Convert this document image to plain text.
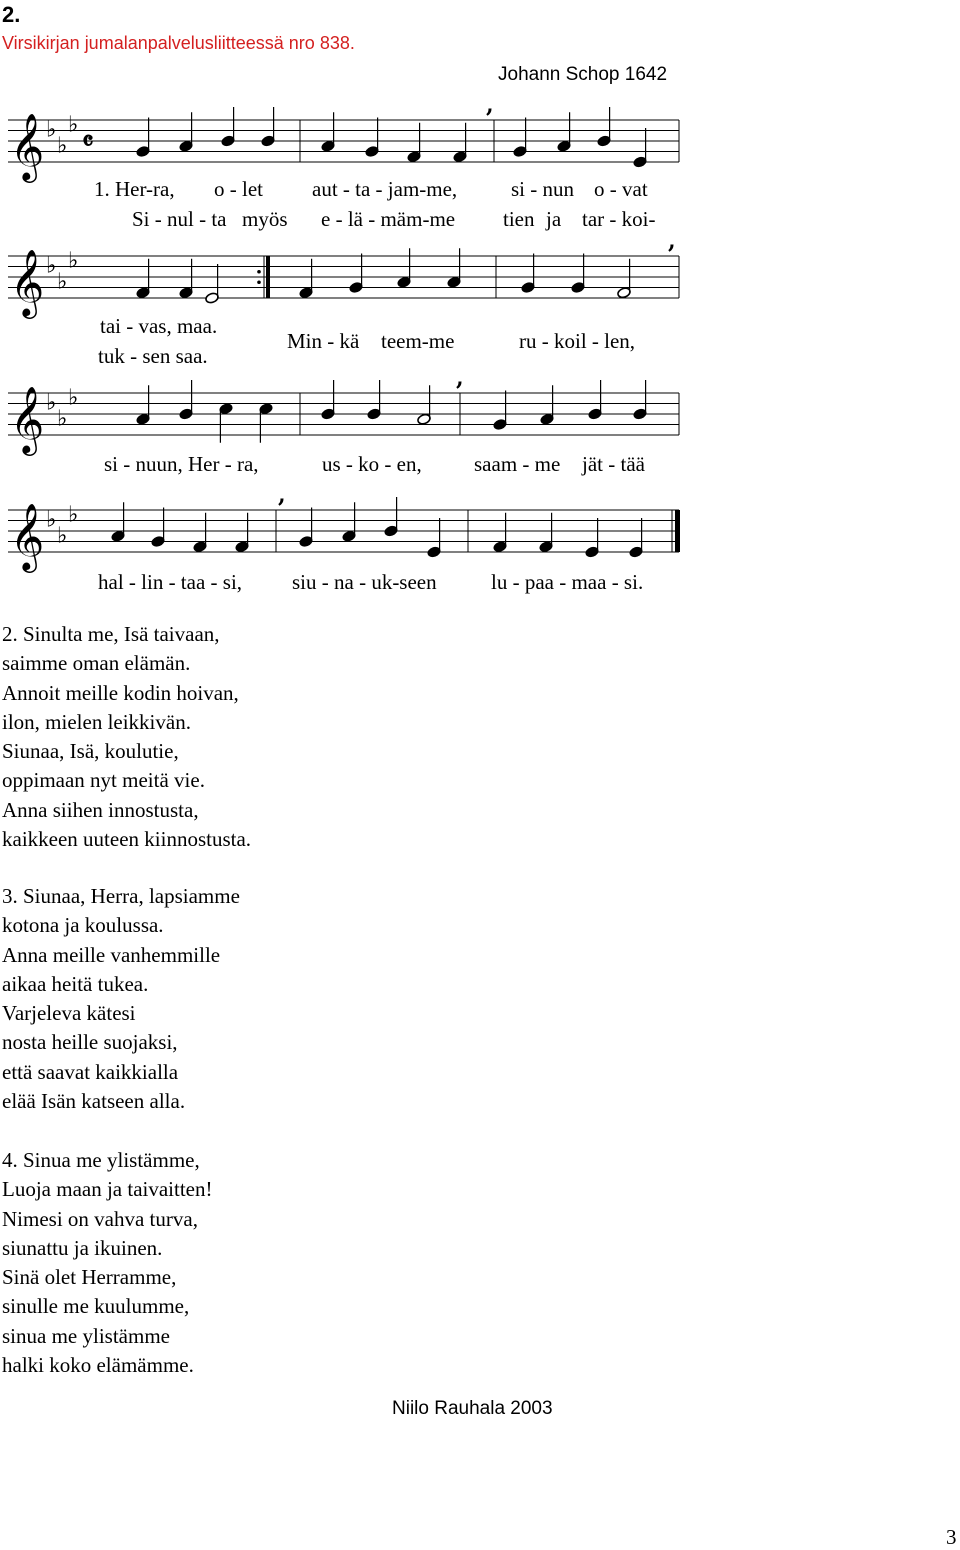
2.
Virsikirjan jumalanpalvelusliitteessä nro 838.
Johann Schop 1642
𝄞
𝄞
𝄞
𝄞
♭
♭
♭
♭
♭
♭
♭
♭
♭
♭
♭
♭
,
,
,
,
𝄴
1. Her-ra, o - let aut - ta - jam-me,	si - nun o - vat
Si - nul - ta myös e - lä - mäm-me tien ja tar - koi-
tai - vas, maa.
tuk - sen saa.
Min - kä teem-me	ru - koil - len,
si - nuun, Her - ra,	us - ko - en, saam - me jät - tää
hal - lin - taa - si, siu - na - uk-seen	lu - paa - maa - si.
2. Sinulta me, Isä taivaan,
saimme oman elämän.
Annoit meille kodin hoivan,
ilon, mielen leikkivän.
Siunaa, Isä, koulutie,
oppimaan nyt meitä vie.
Anna siihen innostusta,
kaikkeen uuteen kiinnostusta.
3. Siunaa, Herra, lapsiamme
kotona ja koulussa.
Anna meille vanhemmille
aikaa heitä tukea.
Varjeleva kätesi
nosta heille suojaksi,
että saavat kaikkialla
elää Isän katseen alla.
4. Sinua me ylistämme,
Luoja maan ja taivaitten!
Nimesi on vahva turva,
siunattu ja ikuinen.
Sinä olet Herramme,
sinulle me kuulumme,
sinua me ylistämme
halki koko elämämme.
Niilo Rauhala 2003
3
